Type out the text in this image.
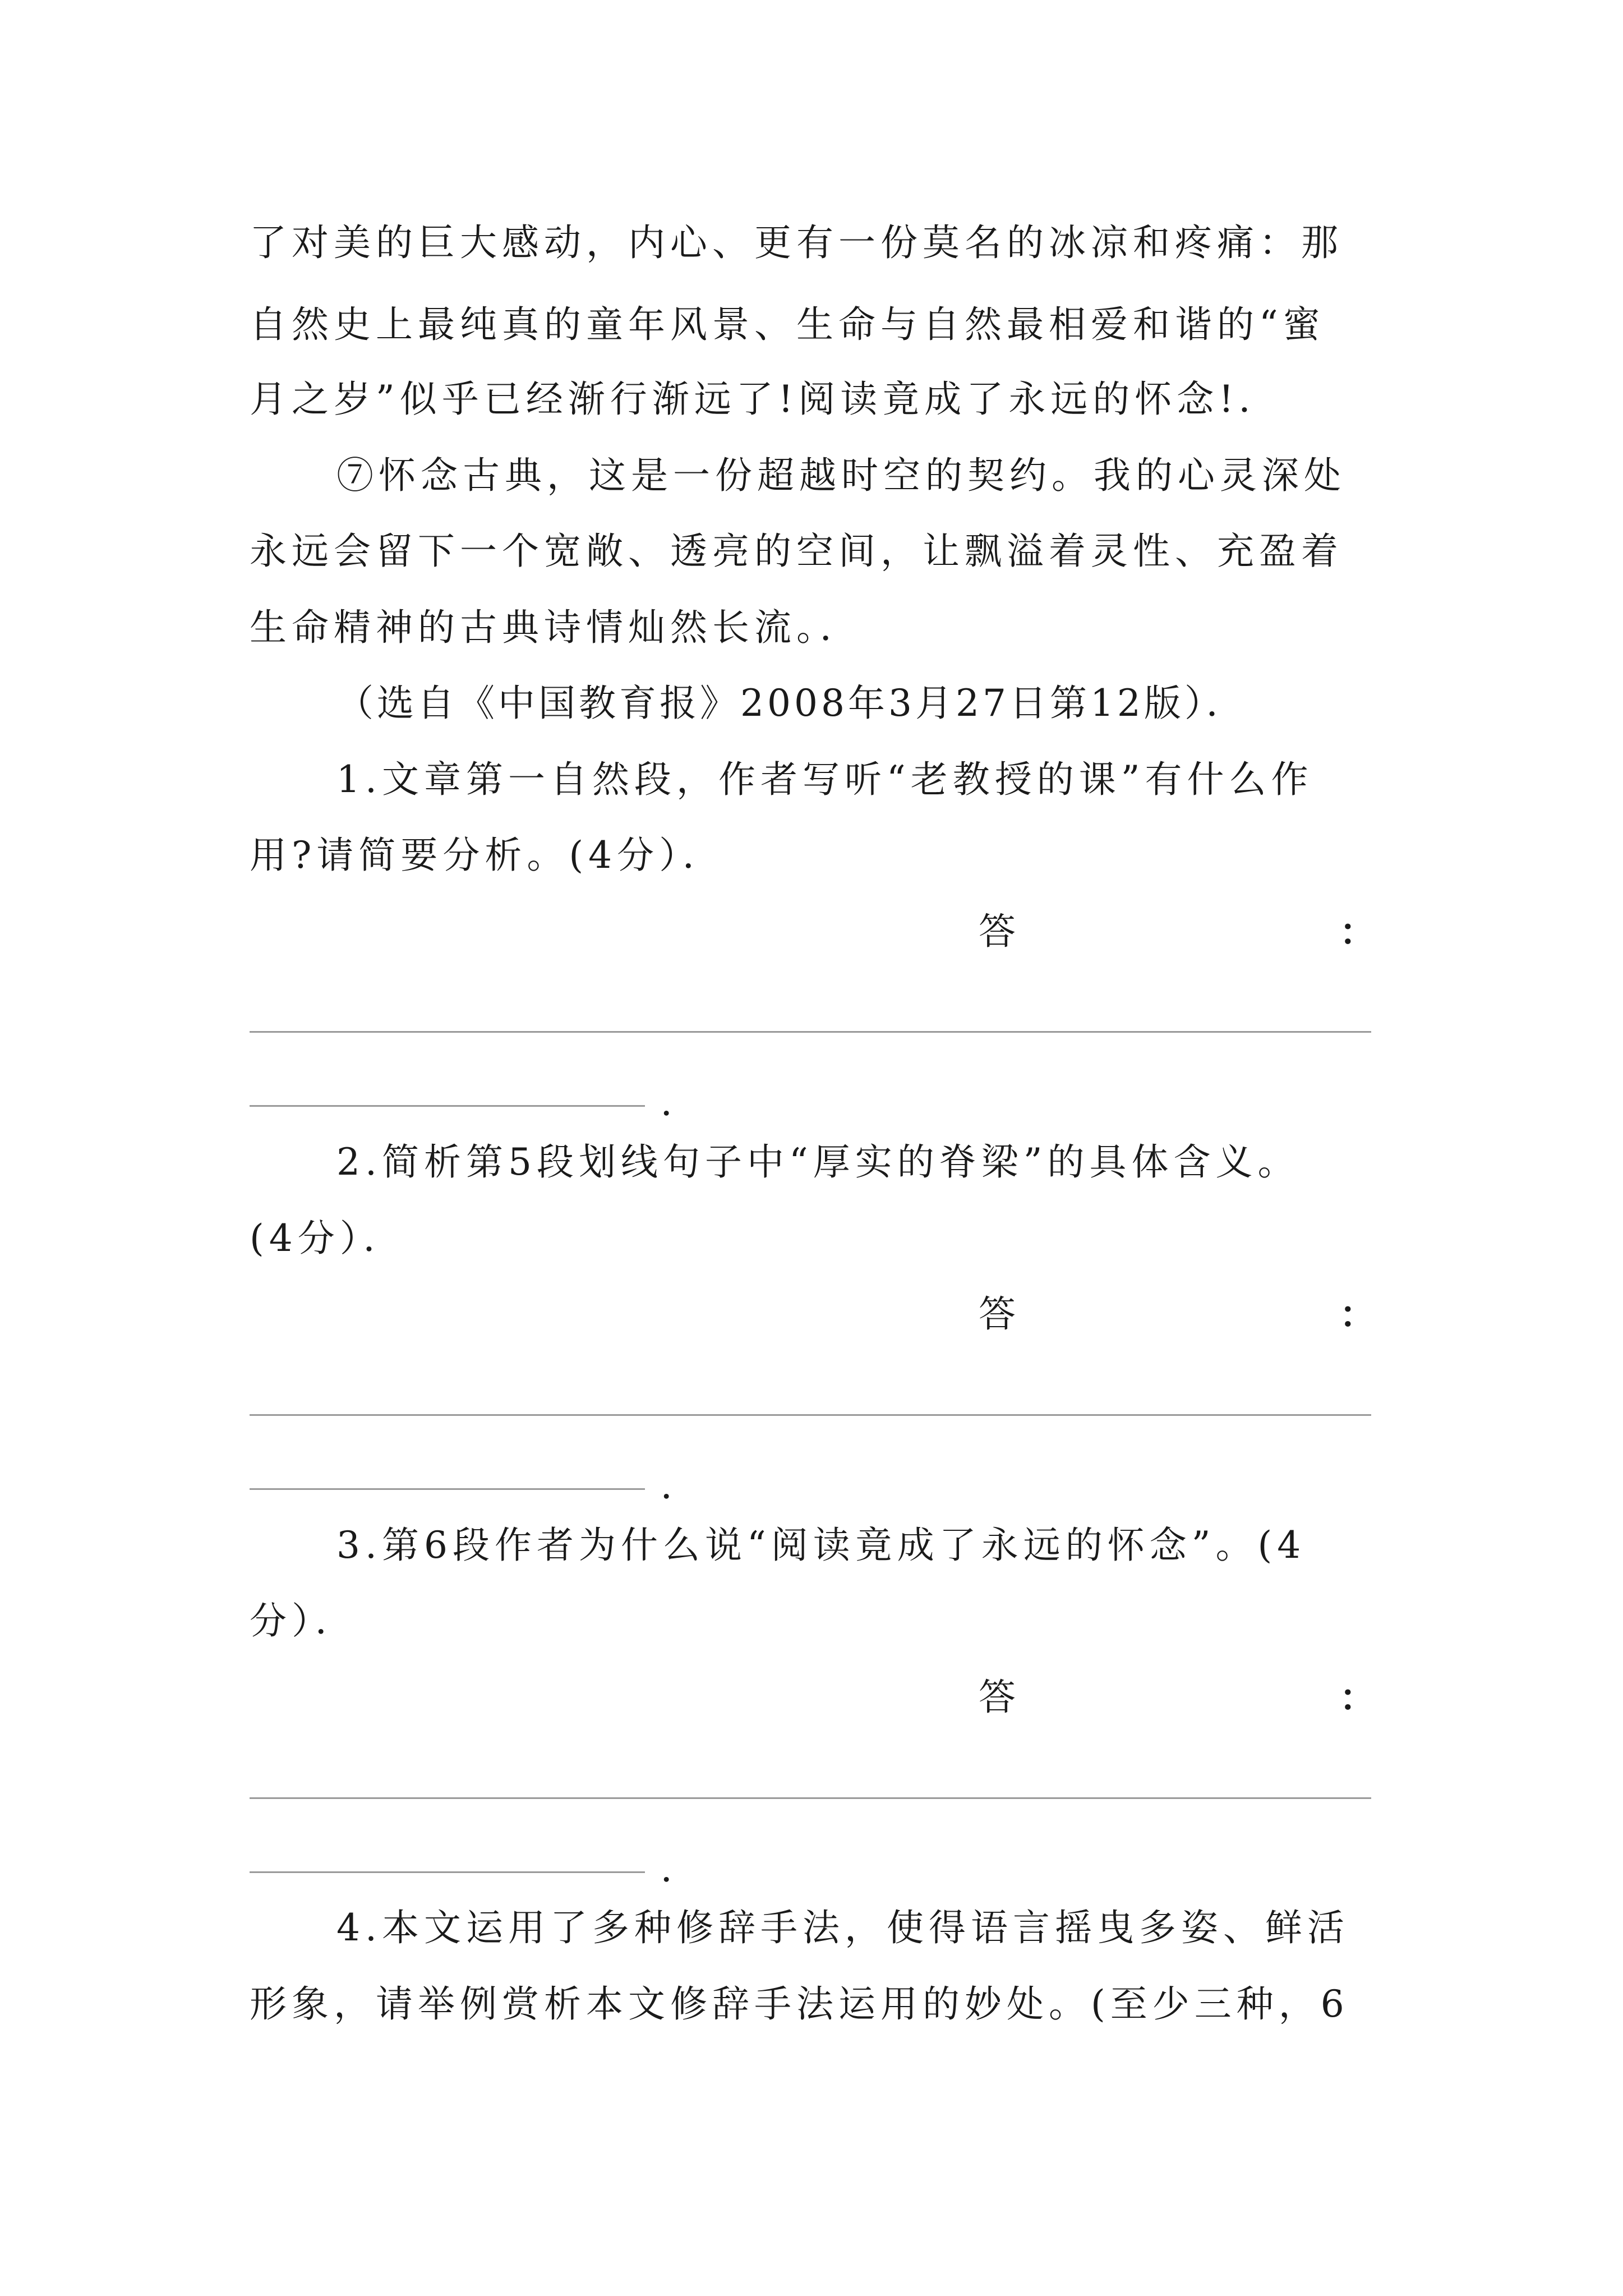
了对美的巨大感动，内心、更有一份莫名的冰凉和疼痛：那
自然史上最纯真的童年风景、生命与自然最相爱和谐的“蜜
月之岁”似乎已经渐行渐远了!阅读竟成了永远的怀念!．
⑦怀念古典，这是一份超越时空的契约。我的心灵深处
永远会留下一个宽敞、透亮的空间，让飘溢着灵性、充盈着
生命精神的古典诗情灿然长流。．
（选自《中国教育报》2008年3月27日第12版）．
1.文章第一自然段，作者写听“老教授的课”有什么作
用?请简要分析。(4分）．
答	：
．
2.简析第5段划线句子中“厚实的脊梁”的具体含义。
(4分）．
答	：
．
3.第6段作者为什么说“阅读竟成了永远的怀念”。(4
分）．
答	：
．
4.本文运用了多种修辞手法，使得语言摇曳多姿、鲜活
形象，请举例赏析本文修辞手法运用的妙处。(至少三种，6
